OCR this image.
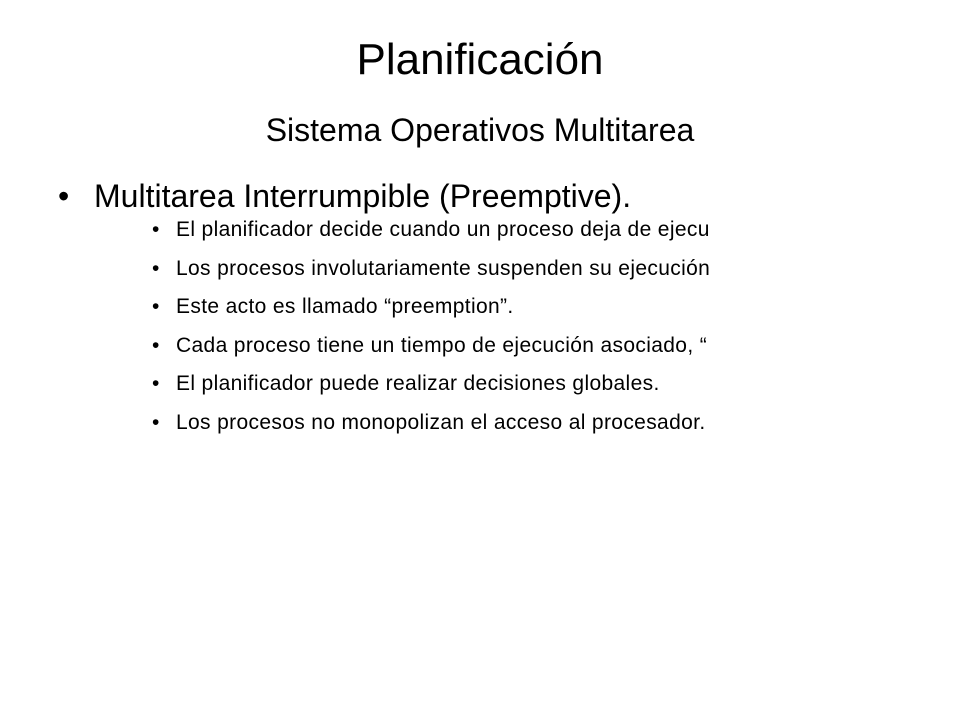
Planificación
Sistema Operativos Multitarea
• Multitarea Interrumpible (Preemptive).
• El planificador decide cuando un proceso deja de ejecu
• Los procesos involutariamente suspenden su ejecución
• Este acto es llamado “preemption”.
• Cada proceso tiene un tiempo de ejecución asociado, “
• El planificador puede realizar decisiones globales.
• Los procesos no monopolizan el acceso al procesador.
